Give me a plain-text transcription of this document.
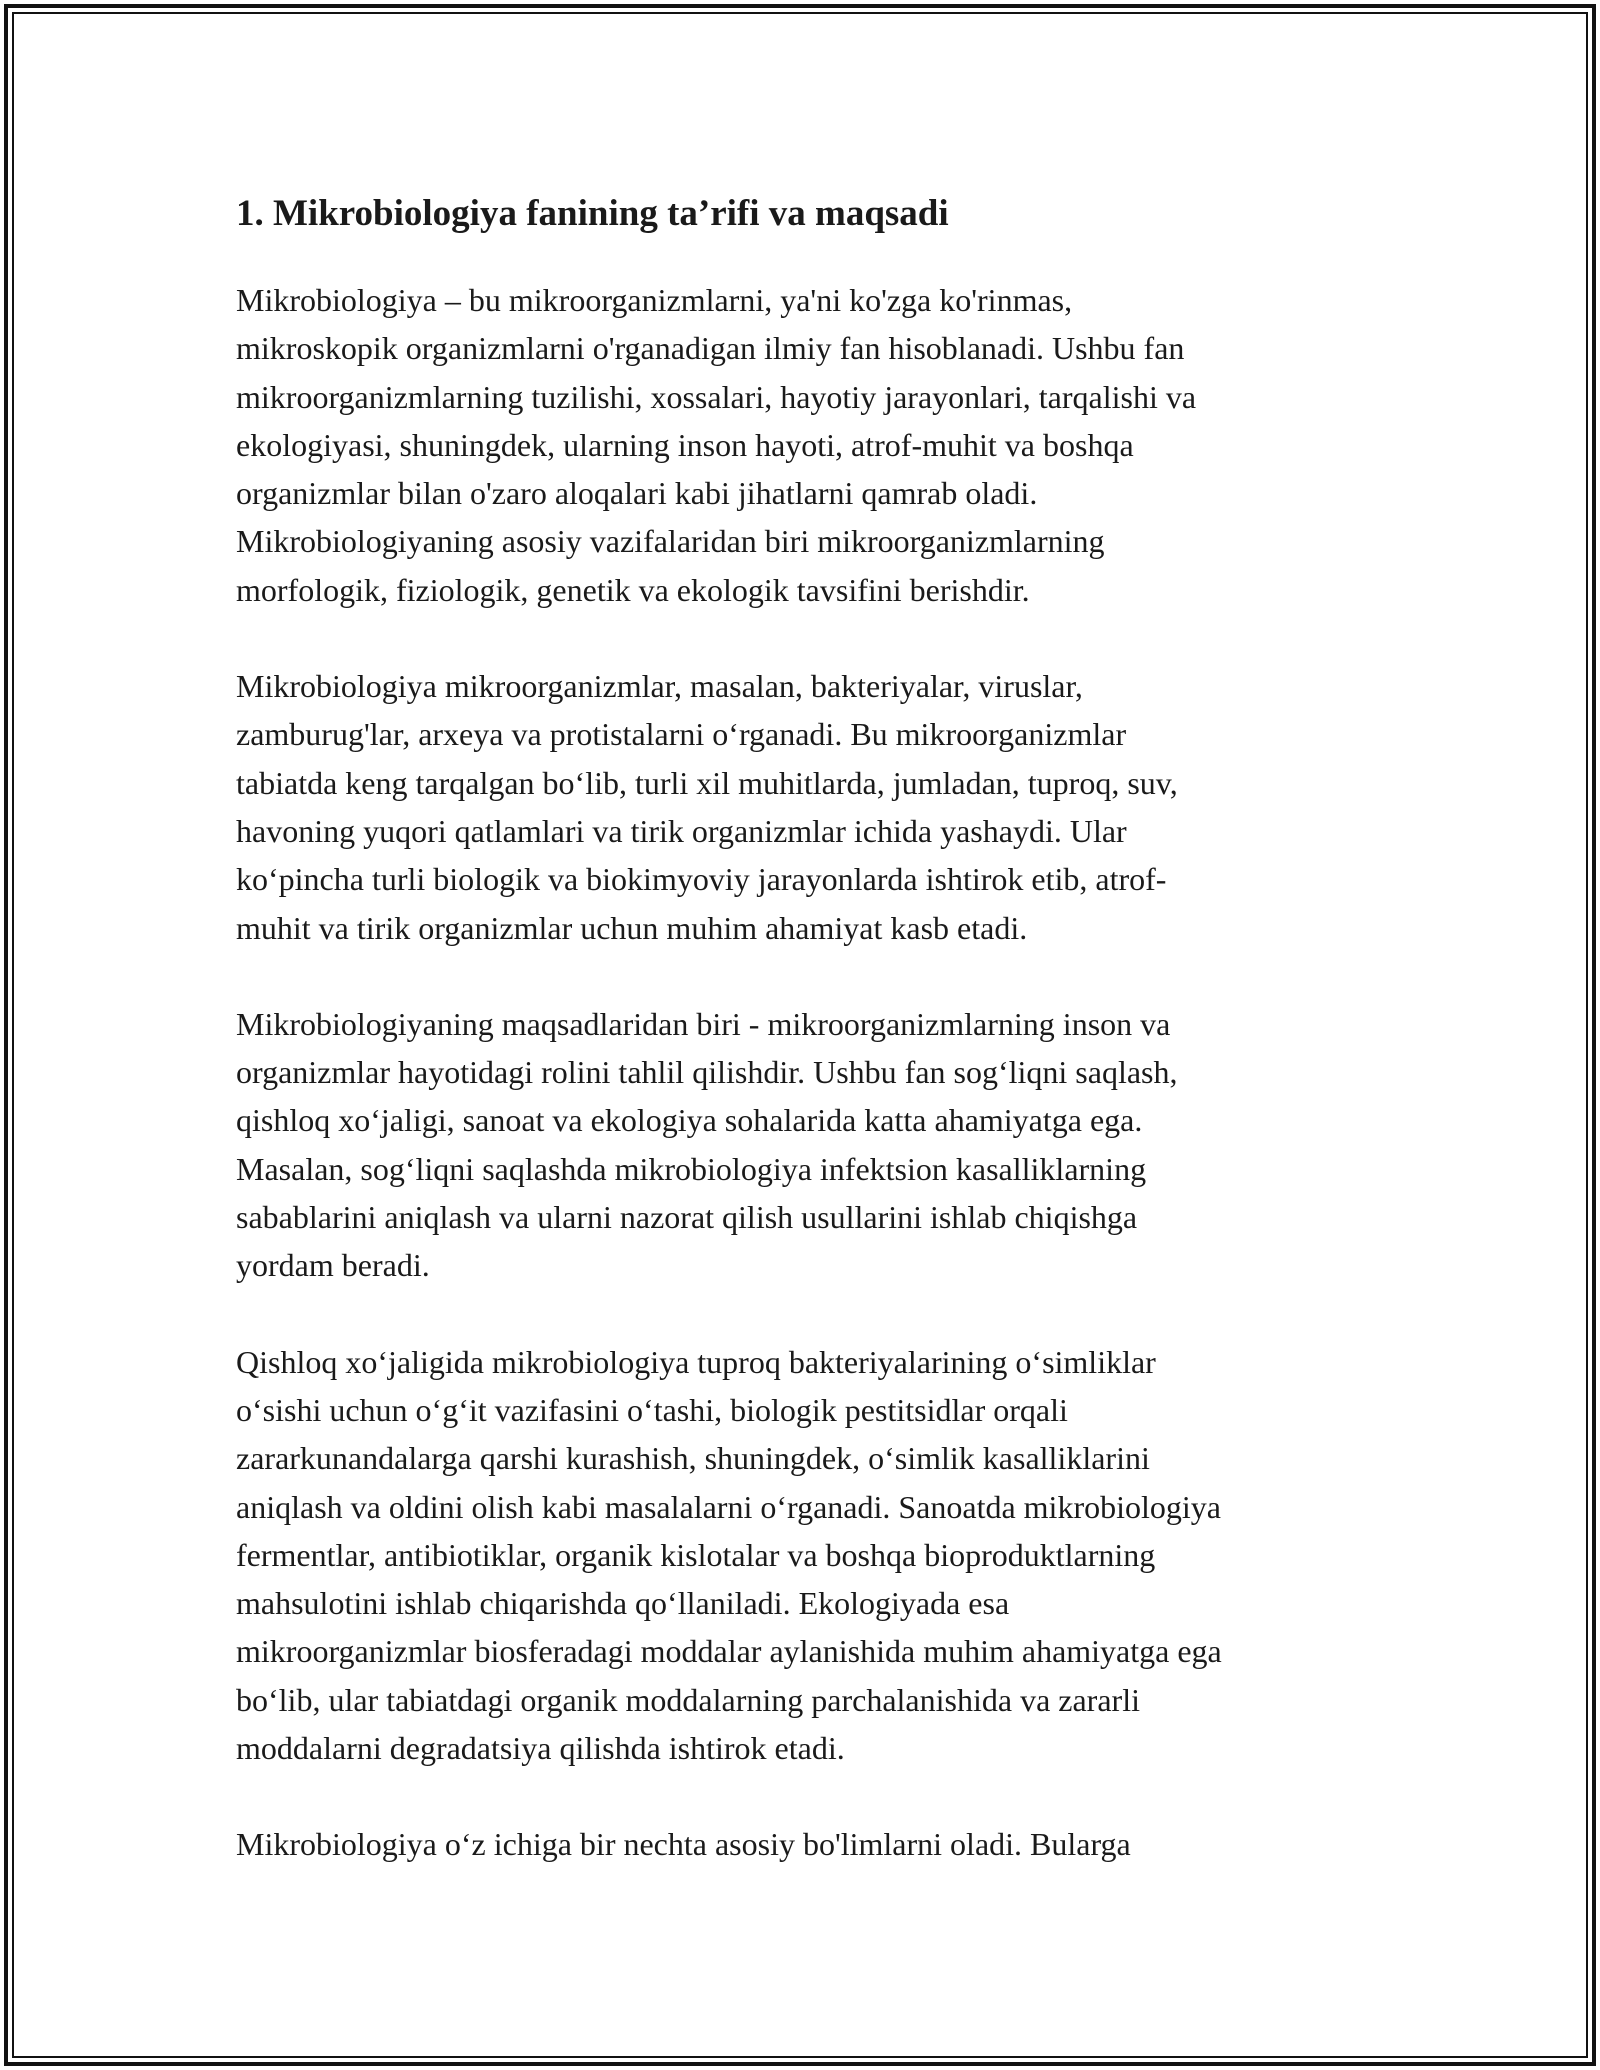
1. Mikrobiologiya fanining ta’rifi va maqsadi

Mikrobiologiya – bu mikroorganizmlarni, ya'ni ko'zga ko'rinmas,
mikroskopik organizmlarni o'rganadigan ilmiy fan hisoblanadi. Ushbu fan
mikroorganizmlarning tuzilishi, xossalari, hayotiy jarayonlari, tarqalishi va
ekologiyasi, shuningdek, ularning inson hayoti, atrof-muhit va boshqa
organizmlar bilan o'zaro aloqalari kabi jihatlarni qamrab oladi.
Mikrobiologiyaning asosiy vazifalaridan biri mikroorganizmlarning
morfologik, fiziologik, genetik va ekologik tavsifini berishdir.

Mikrobiologiya mikroorganizmlar, masalan, bakteriyalar, viruslar,
zamburug'lar, arxeya va protistalarni o‘rganadi. Bu mikroorganizmlar
tabiatda keng tarqalgan bo‘lib, turli xil muhitlarda, jumladan, tuproq, suv,
havoning yuqori qatlamlari va tirik organizmlar ichida yashaydi. Ular
ko‘pincha turli biologik va biokimyoviy jarayonlarda ishtirok etib, atrof-
muhit va tirik organizmlar uchun muhim ahamiyat kasb etadi.

Mikrobiologiyaning maqsadlaridan biri - mikroorganizmlarning inson va
organizmlar hayotidagi rolini tahlil qilishdir. Ushbu fan sog‘liqni saqlash,
qishloq xo‘jaligi, sanoat va ekologiya sohalarida katta ahamiyatga ega.
Masalan, sog‘liqni saqlashda mikrobiologiya infektsion kasalliklarning
sabablarini aniqlash va ularni nazorat qilish usullarini ishlab chiqishga
yordam beradi.

Qishloq xo‘jaligida mikrobiologiya tuproq bakteriyalarining o‘simliklar
o‘sishi uchun o‘g‘it vazifasini o‘tashi, biologik pestitsidlar orqali
zararkunandalarga qarshi kurashish, shuningdek, o‘simlik kasalliklarini
aniqlash va oldini olish kabi masalalarni o‘rganadi. Sanoatda mikrobiologiya
fermentlar, antibiotiklar, organik kislotalar va boshqa bioproduktlarning
mahsulotini ishlab chiqarishda qo‘llaniladi. Ekologiyada esa
mikroorganizmlar biosferadagi moddalar aylanishida muhim ahamiyatga ega
bo‘lib, ular tabiatdagi organik moddalarning parchalanishida va zararli
moddalarni degradatsiya qilishda ishtirok etadi.

Mikrobiologiya o‘z ichiga bir nechta asosiy bo'limlarni oladi. Bularga
